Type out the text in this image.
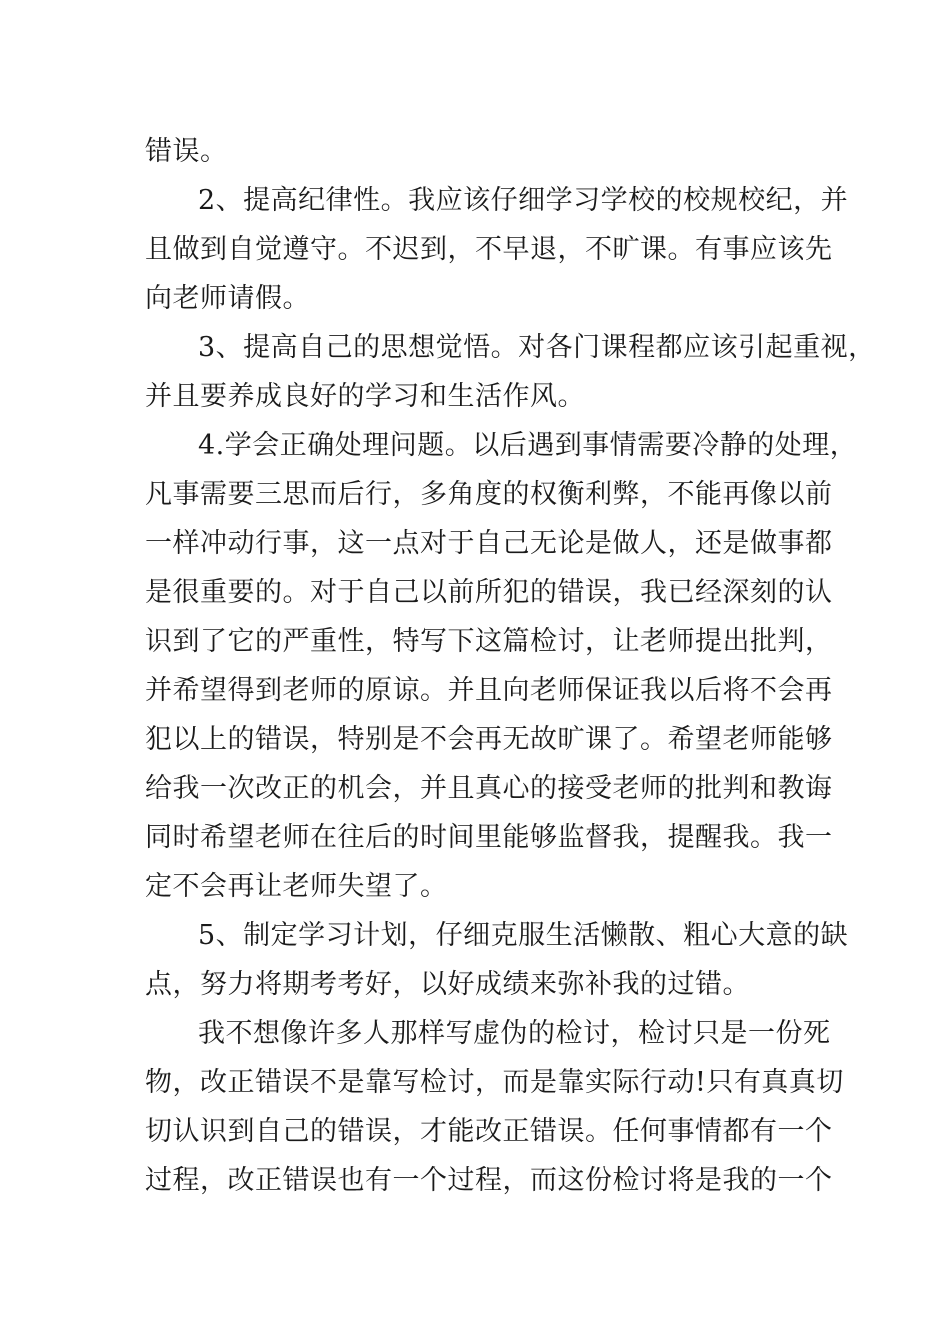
错误。
2、提高纪律性。我应该仔细学习学校的校规校纪，并
且做到自觉遵守。不迟到，不早退，不旷课。有事应该先
向老师请假。
3、提高自己的思想觉悟。对各门课程都应该引起重视，
并且要养成良好的学习和生活作风。
4.学会正确处理问题。以后遇到事情需要冷静的处理，
凡事需要三思而后行，多角度的权衡利弊，不能再像以前
一样冲动行事，这一点对于自己无论是做人，还是做事都
是很重要的。对于自己以前所犯的错误，我已经深刻的认
识到了它的严重性，特写下这篇检讨，让老师提出批判，
并希望得到老师的原谅。并且向老师保证我以后将不会再
犯以上的错误，特别是不会再无故旷课了。希望老师能够
给我一次改正的机会，并且真心的接受老师的批判和教诲
同时希望老师在往后的时间里能够监督我，提醒我。我一
定不会再让老师失望了。
5、制定学习计划，仔细克服生活懒散、粗心大意的缺
点，努力将期考考好，以好成绩来弥补我的过错。
我不想像许多人那样写虚伪的检讨，检讨只是一份死
物，改正错误不是靠写检讨，而是靠实际行动!只有真真切
切认识到自己的错误，才能改正错误。任何事情都有一个
过程，改正错误也有一个过程，而这份检讨将是我的一个
